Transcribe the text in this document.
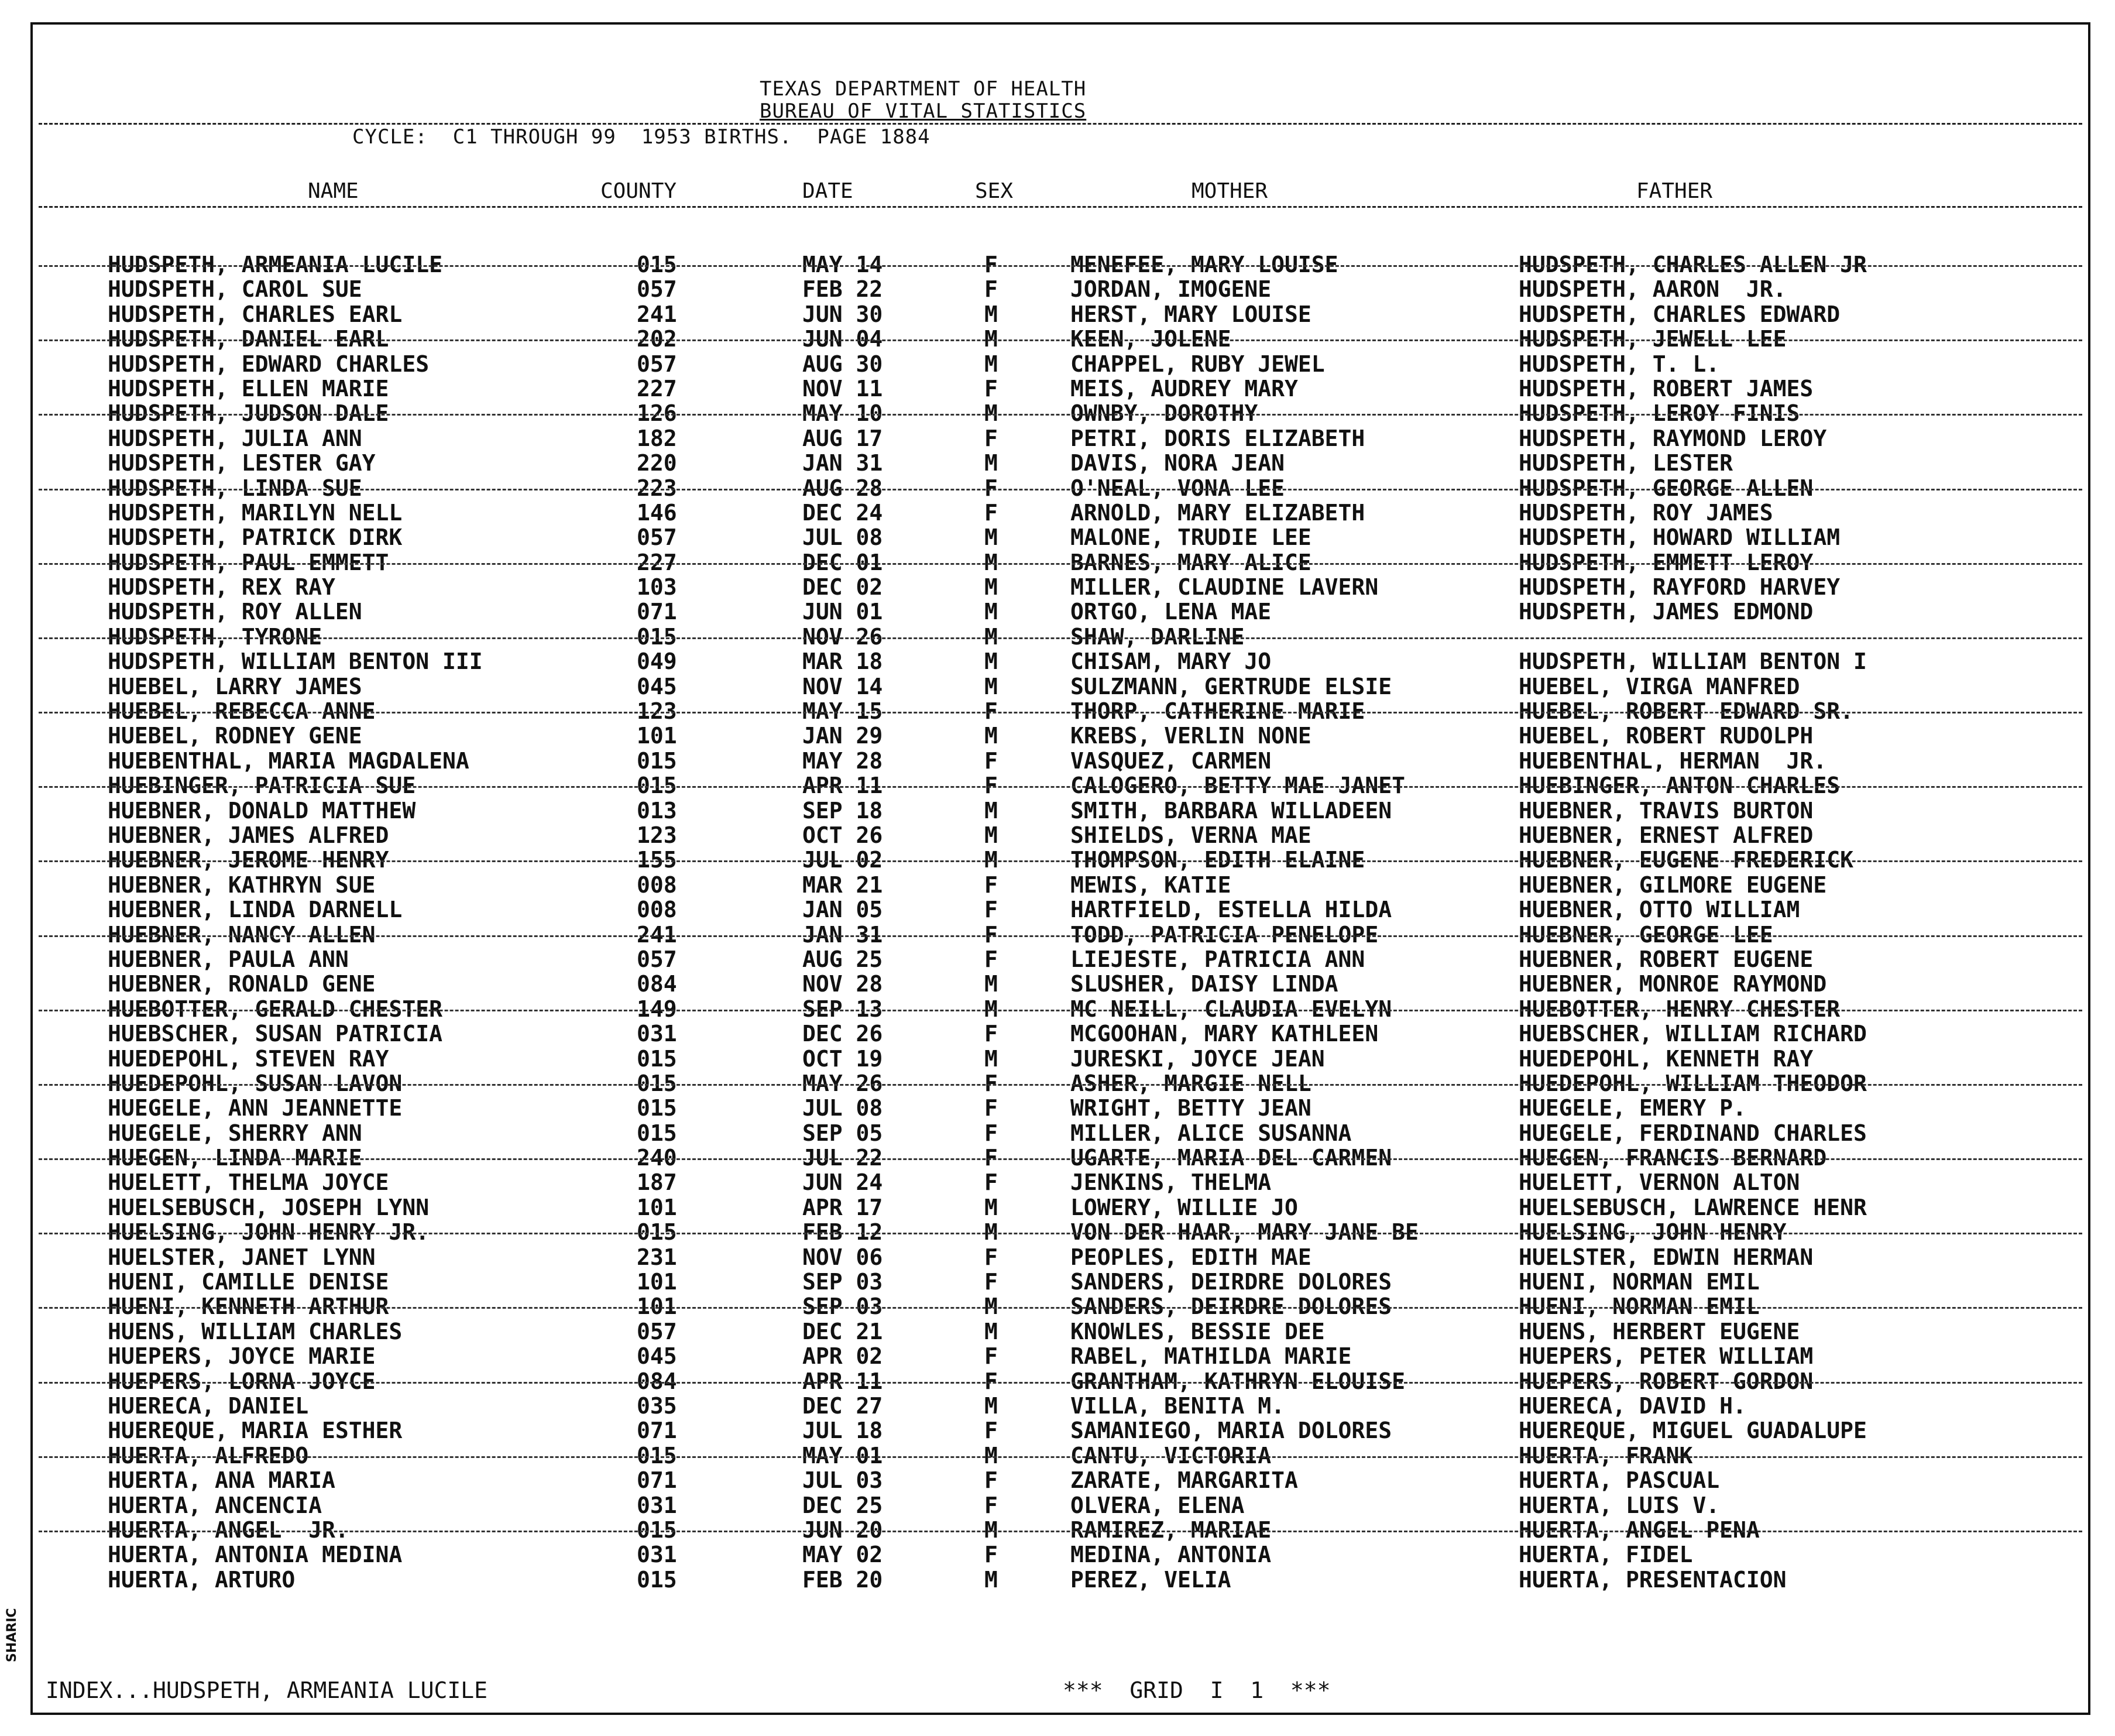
TEXAS DEPARTMENT OF HEALTH
BUREAU OF VITAL STATISTICS
CYCLE:  C1 THROUGH 99  1953 BIRTHS.  PAGE 1884
NAME	COUNTY	DATE	SEX	MOTHER	FATHER
HUDSPETH, ARMEANIA LUCILE	015	MAY 14	F	MENEFEE, MARY LOUISE	HUDSPETH, CHARLES ALLEN JR
HUDSPETH, CAROL SUE	057	FEB 22	F	JORDAN, IMOGENE	HUDSPETH, AARON  JR.
HUDSPETH, CHARLES EARL	241	JUN 30	M	HERST, MARY LOUISE	HUDSPETH, CHARLES EDWARD
HUDSPETH, DANIEL EARL	202	JUN 04	M	KEEN, JOLENE	HUDSPETH, JEWELL LEE
HUDSPETH, EDWARD CHARLES	057	AUG 30	M	CHAPPEL, RUBY JEWEL	HUDSPETH, T. L.
HUDSPETH, ELLEN MARIE	227	NOV 11	F	MEIS, AUDREY MARY	HUDSPETH, ROBERT JAMES
HUDSPETH, JUDSON DALE	126	MAY 10	M	OWNBY, DOROTHY	HUDSPETH, LEROY FINIS
HUDSPETH, JULIA ANN	182	AUG 17	F	PETRI, DORIS ELIZABETH	HUDSPETH, RAYMOND LEROY
HUDSPETH, LESTER GAY	220	JAN 31	M	DAVIS, NORA JEAN	HUDSPETH, LESTER
HUDSPETH, LINDA SUE	223	AUG 28	F	O'NEAL, VONA LEE	HUDSPETH, GEORGE ALLEN
HUDSPETH, MARILYN NELL	146	DEC 24	F	ARNOLD, MARY ELIZABETH	HUDSPETH, ROY JAMES
HUDSPETH, PATRICK DIRK	057	JUL 08	M	MALONE, TRUDIE LEE	HUDSPETH, HOWARD WILLIAM
HUDSPETH, PAUL EMMETT	227	DEC 01	M	BARNES, MARY ALICE	HUDSPETH, EMMETT LEROY
HUDSPETH, REX RAY	103	DEC 02	M	MILLER, CLAUDINE LAVERN	HUDSPETH, RAYFORD HARVEY
HUDSPETH, ROY ALLEN	071	JUN 01	M	ORTGO, LENA MAE	HUDSPETH, JAMES EDMOND
HUDSPETH, TYRONE	015	NOV 26	M	SHAW, DARLINE
HUDSPETH, WILLIAM BENTON III	049	MAR 18	M	CHISAM, MARY JO	HUDSPETH, WILLIAM BENTON I
HUEBEL, LARRY JAMES	045	NOV 14	M	SULZMANN, GERTRUDE ELSIE	HUEBEL, VIRGA MANFRED
HUEBEL, REBECCA ANNE	123	MAY 15	F	THORP, CATHERINE MARIE	HUEBEL, ROBERT EDWARD SR.
HUEBEL, RODNEY GENE	101	JAN 29	M	KREBS, VERLIN NONE	HUEBEL, ROBERT RUDOLPH
HUEBENTHAL, MARIA MAGDALENA	015	MAY 28	F	VASQUEZ, CARMEN	HUEBENTHAL, HERMAN  JR.
HUEBINGER, PATRICIA SUE	015	APR 11	F	CALOGERO, BETTY MAE JANET	HUEBINGER, ANTON CHARLES
HUEBNER, DONALD MATTHEW	013	SEP 18	M	SMITH, BARBARA WILLADEEN	HUEBNER, TRAVIS BURTON
HUEBNER, JAMES ALFRED	123	OCT 26	M	SHIELDS, VERNA MAE	HUEBNER, ERNEST ALFRED
HUEBNER, JEROME HENRY	155	JUL 02	M	THOMPSON, EDITH ELAINE	HUEBNER, EUGENE FREDERICK
HUEBNER, KATHRYN SUE	008	MAR 21	F	MEWIS, KATIE	HUEBNER, GILMORE EUGENE
HUEBNER, LINDA DARNELL	008	JAN 05	F	HARTFIELD, ESTELLA HILDA	HUEBNER, OTTO WILLIAM
HUEBNER, NANCY ALLEN	241	JAN 31	F	TODD, PATRICIA PENELOPE	HUEBNER, GEORGE LEE
HUEBNER, PAULA ANN	057	AUG 25	F	LIEJESTE, PATRICIA ANN	HUEBNER, ROBERT EUGENE
HUEBNER, RONALD GENE	084	NOV 28	M	SLUSHER, DAISY LINDA	HUEBNER, MONROE RAYMOND
HUEBOTTER, GERALD CHESTER	149	SEP 13	M	MC NEILL, CLAUDIA EVELYN	HUEBOTTER, HENRY CHESTER
HUEBSCHER, SUSAN PATRICIA	031	DEC 26	F	MCGOOHAN, MARY KATHLEEN	HUEBSCHER, WILLIAM RICHARD
HUEDEPOHL, STEVEN RAY	015	OCT 19	M	JURESKI, JOYCE JEAN	HUEDEPOHL, KENNETH RAY
HUEDEPOHL, SUSAN LAVON	015	MAY 26	F	ASHER, MARGIE NELL	HUEDEPOHL, WILLIAM THEODOR
HUEGELE, ANN JEANNETTE	015	JUL 08	F	WRIGHT, BETTY JEAN	HUEGELE, EMERY P.
HUEGELE, SHERRY ANN	015	SEP 05	F	MILLER, ALICE SUSANNA	HUEGELE, FERDINAND CHARLES
HUEGEN, LINDA MARIE	240	JUL 22	F	UGARTE, MARIA DEL CARMEN	HUEGEN, FRANCIS BERNARD
HUELETT, THELMA JOYCE	187	JUN 24	F	JENKINS, THELMA	HUELETT, VERNON ALTON
HUELSEBUSCH, JOSEPH LYNN	101	APR 17	M	LOWERY, WILLIE JO	HUELSEBUSCH, LAWRENCE HENR
HUELSING, JOHN HENRY JR.	015	FEB 12	M	VON DER HAAR, MARY JANE BE	HUELSING, JOHN HENRY
HUELSTER, JANET LYNN	231	NOV 06	F	PEOPLES, EDITH MAE	HUELSTER, EDWIN HERMAN
HUENI, CAMILLE DENISE	101	SEP 03	F	SANDERS, DEIRDRE DOLORES	HUENI, NORMAN EMIL
HUENI, KENNETH ARTHUR	101	SEP 03	M	SANDERS, DEIRDRE DOLORES	HUENI, NORMAN EMIL
HUENS, WILLIAM CHARLES	057	DEC 21	M	KNOWLES, BESSIE DEE	HUENS, HERBERT EUGENE
HUEPERS, JOYCE MARIE	045	APR 02	F	RABEL, MATHILDA MARIE	HUEPERS, PETER WILLIAM
HUEPERS, LORNA JOYCE	084	APR 11	F	GRANTHAM, KATHRYN ELOUISE	HUEPERS, ROBERT GORDON
HUERECA, DANIEL	035	DEC 27	M	VILLA, BENITA M.	HUERECA, DAVID H.
HUEREQUE, MARIA ESTHER	071	JUL 18	F	SAMANIEGO, MARIA DOLORES	HUEREQUE, MIGUEL GUADALUPE
HUERTA, ALFREDO	015	MAY 01	M	CANTU, VICTORIA	HUERTA, FRANK
HUERTA, ANA MARIA	071	JUL 03	F	ZARATE, MARGARITA	HUERTA, PASCUAL
HUERTA, ANCENCIA	031	DEC 25	F	OLVERA, ELENA	HUERTA, LUIS V.
HUERTA, ANGEL  JR.	015	JUN 20	M	RAMIREZ, MARIAE	HUERTA, ANGEL PENA
HUERTA, ANTONIA MEDINA	031	MAY 02	F	MEDINA, ANTONIA	HUERTA, FIDEL
HUERTA, ARTURO	015	FEB 20	M	PEREZ, VELIA	HUERTA, PRESENTACION
INDEX...HUDSPETH, ARMEANIA LUCILE	***  GRID  I  1  ***
SHARIC
